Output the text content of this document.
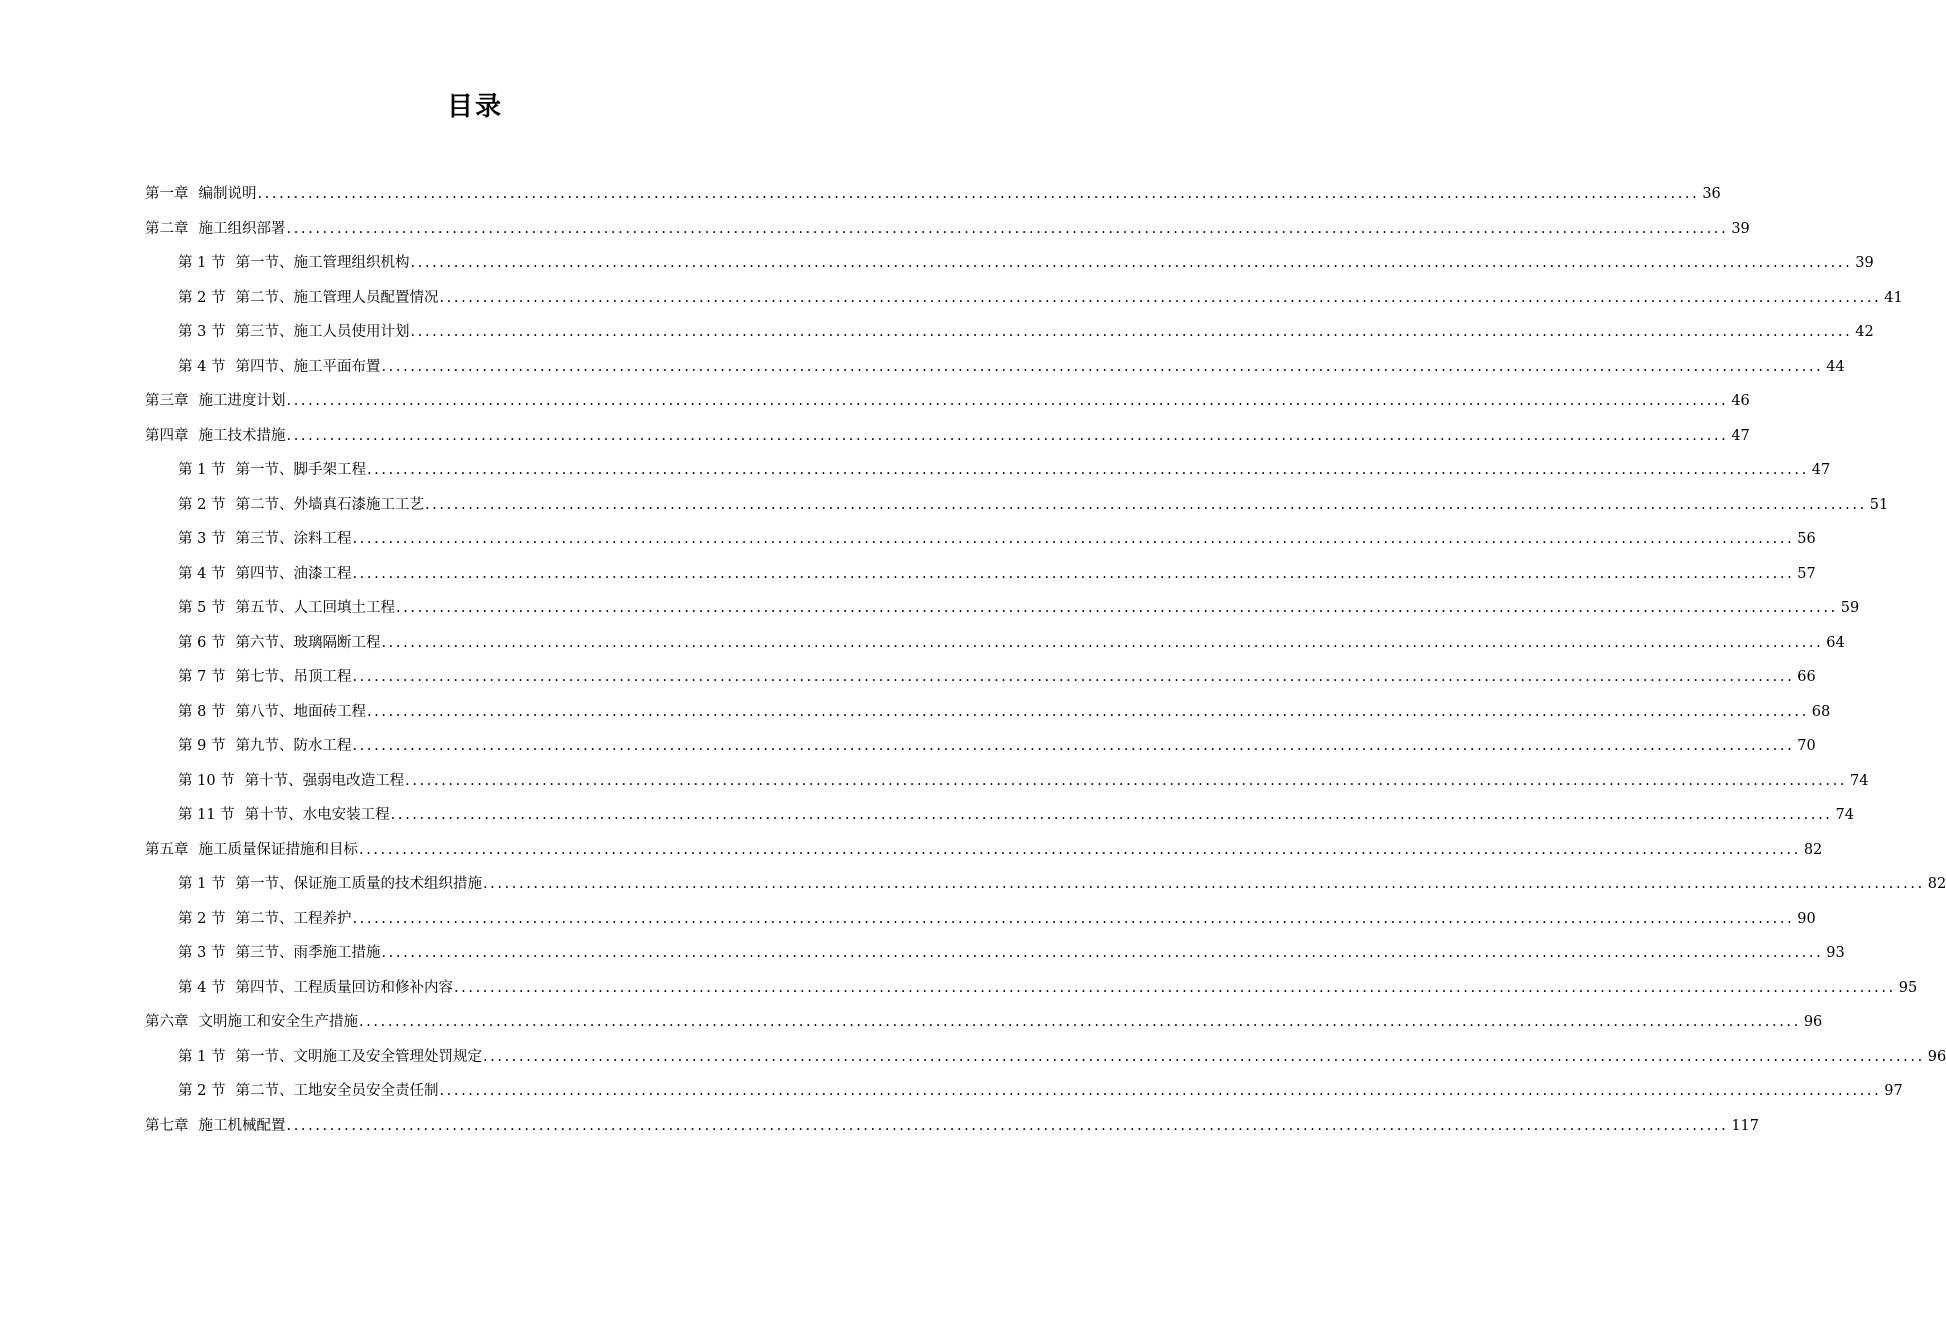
目录
第一章 编制说明 ........................................................................................................................................................................................................ 36
第二章 施工组织部署 ........................................................................................................................................................................................................ 39
第 1 节 第一节、施工管理组织机构 ........................................................................................................................................................................................................ 39
第 2 节 第二节、施工管理人员配置情况 ........................................................................................................................................................................................................ 41
第 3 节 第三节、施工人员使用计划 ........................................................................................................................................................................................................ 42
第 4 节 第四节、施工平面布置 ........................................................................................................................................................................................................ 44
第三章 施工进度计划 ........................................................................................................................................................................................................ 46
第四章 施工技术措施 ........................................................................................................................................................................................................ 47
第 1 节 第一节、脚手架工程 ........................................................................................................................................................................................................ 47
第 2 节 第二节、外墙真石漆施工工艺 ........................................................................................................................................................................................................ 51
第 3 节 第三节、涂料工程 ........................................................................................................................................................................................................ 56
第 4 节 第四节、油漆工程 ........................................................................................................................................................................................................ 57
第 5 节 第五节、人工回填土工程 ........................................................................................................................................................................................................ 59
第 6 节 第六节、玻璃隔断工程 ........................................................................................................................................................................................................ 64
第 7 节 第七节、吊顶工程 ........................................................................................................................................................................................................ 66
第 8 节 第八节、地面砖工程 ........................................................................................................................................................................................................ 68
第 9 节 第九节、防水工程 ........................................................................................................................................................................................................ 70
第 10 节 第十节、强弱电改造工程 ........................................................................................................................................................................................................ 74
第 11 节 第十节、水电安装工程 ........................................................................................................................................................................................................ 74
第五章 施工质量保证措施和目标 ........................................................................................................................................................................................................ 82
第 1 节 第一节、保证施工质量的技术组织措施 ........................................................................................................................................................................................................ 82
第 2 节 第二节、工程养护 ........................................................................................................................................................................................................ 90
第 3 节 第三节、雨季施工措施 ........................................................................................................................................................................................................ 93
第 4 节 第四节、工程质量回访和修补内容 ........................................................................................................................................................................................................ 95
第六章 文明施工和安全生产措施 ........................................................................................................................................................................................................ 96
第 1 节 第一节、文明施工及安全管理处罚规定 ........................................................................................................................................................................................................ 96
第 2 节 第二节、工地安全员安全责任制 ........................................................................................................................................................................................................ 97
第七章 施工机械配置 ........................................................................................................................................................................................................ 117
